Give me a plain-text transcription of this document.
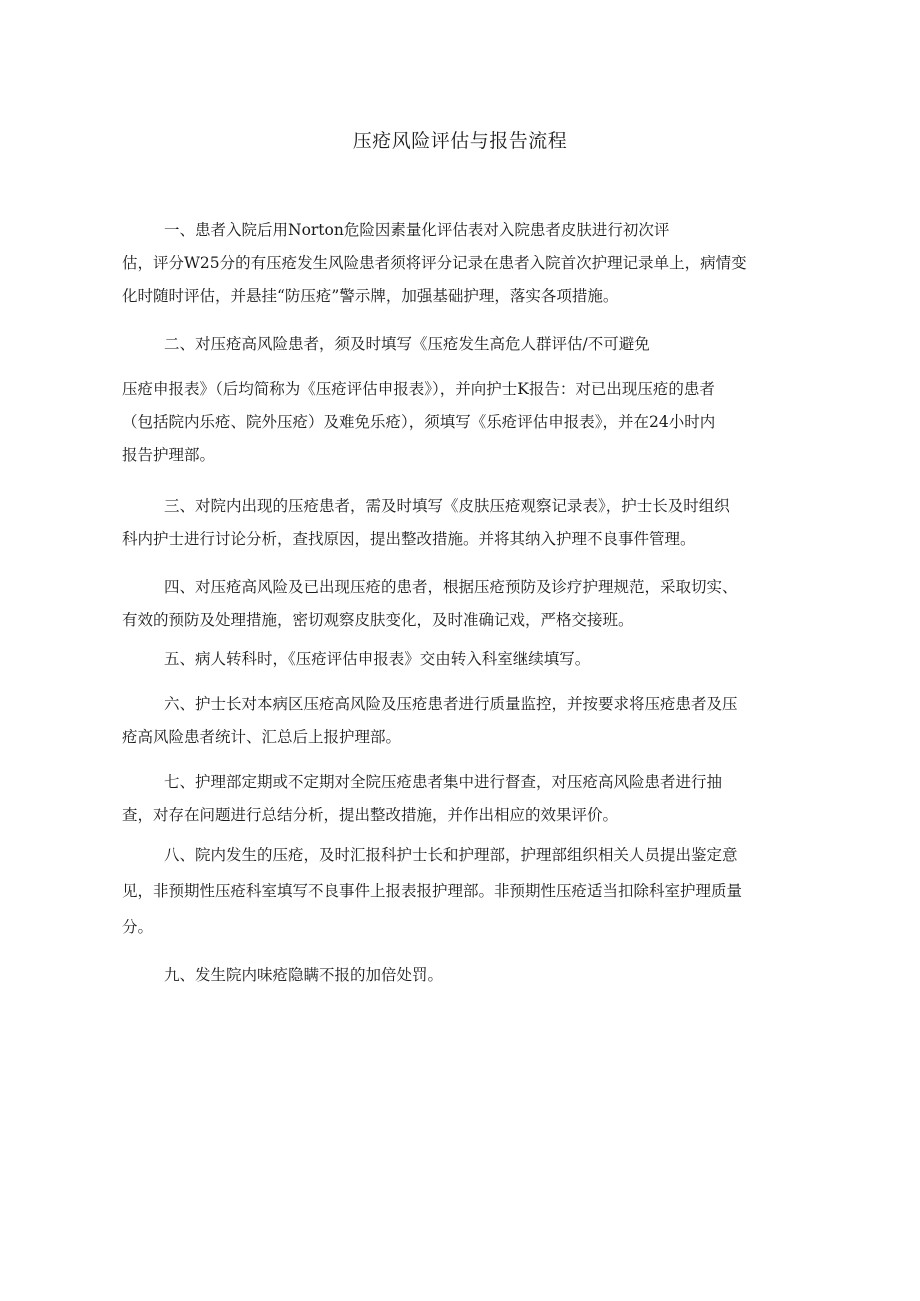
压疮风险评估与报告流程
一、患者入院后用Norton危险因素量化评估表对入院患者皮肤进行初次评
估，评分W25分的有压疮发生风险患者须将评分记录在患者入院首次护理记录单上，病情变
化时随时评估，并悬挂“防压疮”警示牌，加强基础护理，落实各项措施。
二、对压疮高风险患者，须及时填写《压疮发生高危人群评估/不可避免
压疮申报表》（后均简称为《压疮评估申报表》），并向护士K报告：对已出现压疮的患者
（包括院内乐疮、院外压疮）及难免乐疮），须填写《乐疮评估申报表》，并在24小时内
报告护理部。
三、对院内出现的压疮患者，需及时填写《皮肤压疮观察记录表》，护士长及时组织
科内护士进行讨论分析，查找原因，提出整改措施。并将其纳入护理不良事件管理。
四、对压疮高风险及已出现压疮的患者，根据压疮预防及诊疗护理规范，采取切实、
有效的预防及处理措施，密切观察皮肤变化，及时准确记戏，严格交接班。
五、病人转科时，《压疮评估申报表》交由转入科室继续填写。
六、护士长对本病区压疮高风险及压疮患者进行质量监控，并按要求将压疮患者及压
疮高风险患者统计、汇总后上报护理部。
七、护理部定期或不定期对全院压疮患者集中进行督查，对压疮高风险患者进行抽
查，对存在问题进行总结分析，提出整改措施，并作出相应的效果评价。
八、院内发生的压疮，及时汇报科护士长和护理部，护理部组织相关人员提出鉴定意
见，非预期性压疮科室填写不良事件上报表报护理部。非预期性压疮适当扣除科室护理质量
分。
九、发生院内味疮隐瞒不报的加倍处罚。
